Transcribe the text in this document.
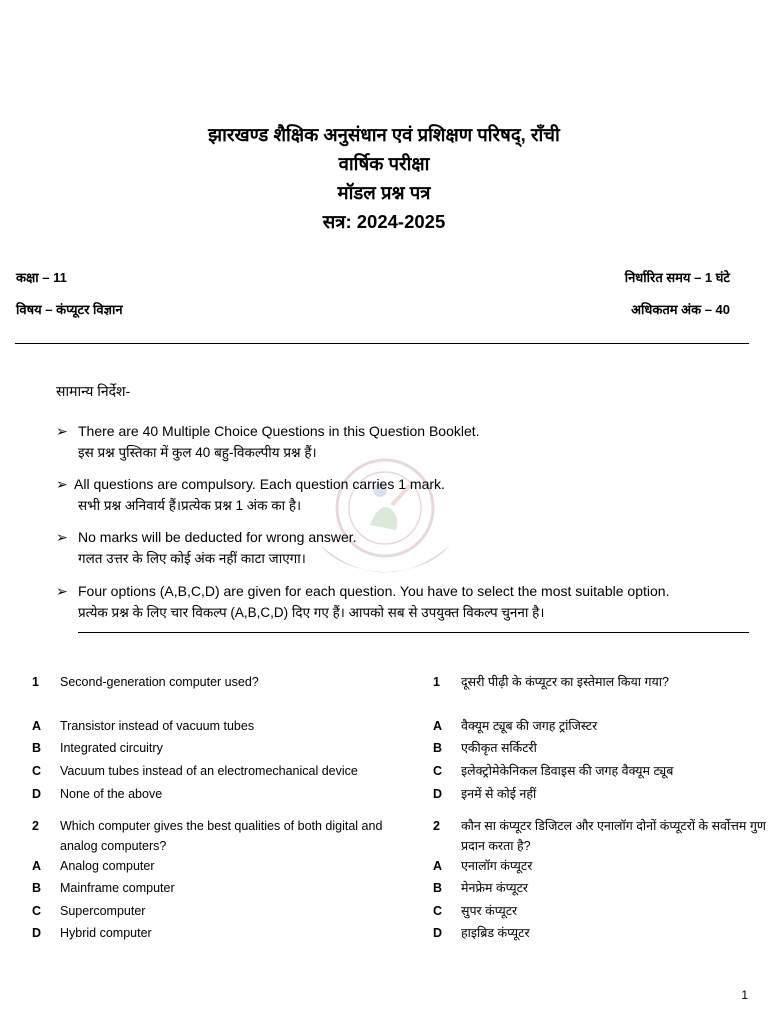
झारखण्ड शैक्षिक अनुसंधान एवं प्रशिक्षण परिषद्, राँची
वार्षिक परीक्षा
मॉडल प्रश्न पत्र
सत्र: 2024-2025
कक्षा – 11	निर्धारित समय – 1 घंटे
विषय – कंप्यूटर विज्ञान	अधिकतम अंक – 40
सामान्य निर्देश-
➢ There are 40 Multiple Choice Questions in this Question Booklet.
इस प्रश्न पुस्तिका में कुल 40 बहु-विकल्पीय प्रश्न हैं।
➢ All questions are compulsory. Each question carries 1 mark.
सभी प्रश्न अनिवार्य हैं।प्रत्येक प्रश्न 1 अंक का है।
➢ No marks will be deducted for wrong answer.
गलत उत्तर के लिए कोई अंक नहीं काटा जाएगा।
➢ Four options (A,B,C,D) are given for each question. You have to select the most suitable option.
प्रत्येक प्रश्न के लिए चार विकल्प (A,B,C,D) दिए गए हैं। आपको सब से उपयुक्त विकल्प चुनना है।
1 Second-generation computer used?	1 दूसरी पीढ़ी के कंप्यूटर का इस्तेमाल किया गया?
A Transistor instead of vacuum tubes	A वैक्यूम ट्यूब की जगह ट्रांजिस्टर
B Integrated circuitry	B एकीकृत सर्किटरी
C Vacuum tubes instead of an electromechanical device	C इलेक्ट्रोमेकेनिकल डिवाइस की जगह वैक्यूम ट्यूब
D None of the above	D इनमें से कोई नहीं
2 Which computer gives the best qualities of both digital and analog computers?
2 कौन सा कंप्यूटर डिजिटल और एनालॉग दोनों कंप्यूटरों के सर्वोत्तम गुण प्रदान करता है?
A Analog computer	A एनालॉग कंप्यूटर
B Mainframe computer	B मेनफ्रेम कंप्यूटर
C Supercomputer	C सुपर कंप्यूटर
D Hybrid computer	D हाइब्रिड कंप्यूटर
1
